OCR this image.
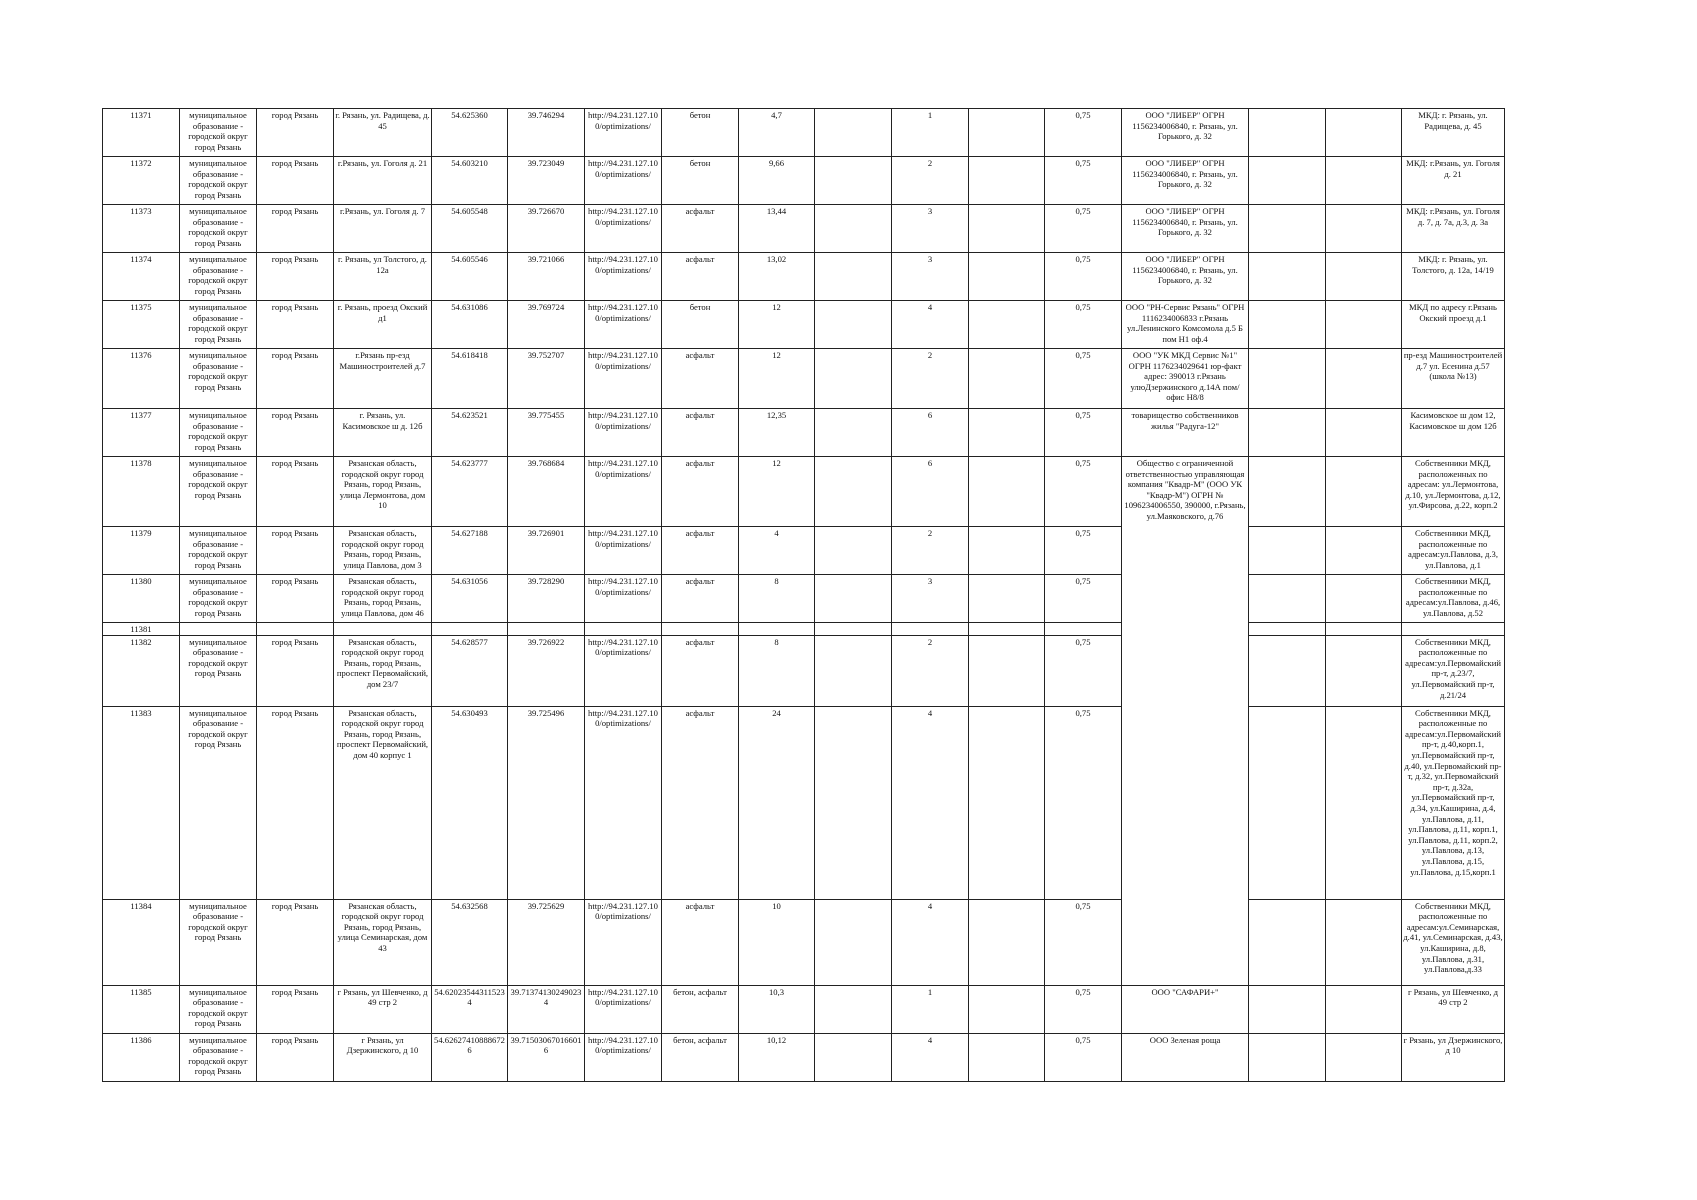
11371	муниципальное образование - городской округ город Рязань	город Рязань	г. Рязань, ул. Радищева, д. 45	54.625360	39.746294	http://94.231.127.100/optimizations/	бетон	4,7		1		0,75	ООО "ЛИБЕР" ОГРН 1156234006840, г. Рязань, ул. Горького, д. 32			МКД: г. Рязань, ул. Радищева, д. 45
11372	муниципальное образование - городской округ город Рязань	город Рязань	г.Рязань, ул. Гоголя д. 21	54.603210	39.723049	http://94.231.127.100/optimizations/	бетон	9,66		2		0,75	ООО "ЛИБЕР" ОГРН 1156234006840, г. Рязань, ул. Горького, д. 32			МКД: г.Рязань, ул. Гоголя д. 21
11373	муниципальное образование - городской округ город Рязань	город Рязань	г.Рязань, ул. Гоголя д. 7	54.605548	39.726670	http://94.231.127.100/optimizations/	асфальт	13,44		3		0,75	ООО "ЛИБЕР" ОГРН 1156234006840, г. Рязань, ул. Горького, д. 32			МКД: г.Рязань, ул. Гоголя д. 7, д. 7а, д.3, д. 3а
11374	муниципальное образование - городской округ город Рязань	город Рязань	г. Рязань, ул Толстого, д. 12а	54.605546	39.721066	http://94.231.127.100/optimizations/	асфальт	13,02		3		0,75	ООО "ЛИБЕР" ОГРН 1156234006840, г. Рязань, ул. Горького, д. 32			МКД: г. Рязань, ул. Толстого, д. 12а, 14/19
11375	муниципальное образование - городской округ город Рязань	город Рязань	г. Рязань, проезд Окский д1	54.631086	39.769724	http://94.231.127.100/optimizations/	бетон	12		4		0,75	ООО "РН-Сервис Рязань" ОГРН 1116234006833 г.Рязань ул.Ленинского Комсомола д.5 Б пом Н1 оф.4			МКД по адресу г.Рязань Окский проезд д.1
11376	муниципальное образование - городской округ город Рязань	город Рязань	г.Рязань пр-езд Машиностроителей д.7	54.618418	39.752707	http://94.231.127.100/optimizations/	асфальт	12		2		0,75	ООО "УК МКД Сервис №1" ОГРН 1176234029641 юр-факт адрес: 390013 г.Рязань улюДзержинского д.14А пом/офис Н8/8			пр-езд Машиностроителей д.7 ул. Есенина д.57 (школа №13)
11377	муниципальное образование - городской округ город Рязань	город Рязань	г. Рязань, ул. Касимовское ш д. 12б	54.623521	39.775455	http://94.231.127.100/optimizations/	асфальт	12,35		6		0,75	товарищество собственников жилья "Радуга-12"			Касимовское ш дом 12, Касимовское ш дом 12б
11378	муниципальное образование - городской округ город Рязань	город Рязань	Рязанская область, городской округ город Рязань, город Рязань, улица Лермонтова, дом 10	54.623777	39.768684	http://94.231.127.100/optimizations/	асфальт	12		6		0,75	Общество с ограниченной ответственностью управляющая компания "Квадр-М" (ООО УК "Квадр-М") ОГРН № 1096234006550, 390000, г.Рязань, ул.Маяковского, д.76			Собственники МКД, расположенных по адресам: ул.Лермонтова, д.10, ул.Лермонтова, д.12, ул.Фирсова, д.22, корп.2
11379	муниципальное образование - городской округ город Рязань	город Рязань	Рязанская область, городской округ город Рязань, город Рязань, улица Павлова, дом 3	54.627188	39.726901	http://94.231.127.100/optimizations/	асфальт	4		2		0,75				Собственники МКД, расположенные по адресам:ул.Павлова, д.3, ул.Павлова, д.1
11380	муниципальное образование - городской округ город Рязань	город Рязань	Рязанская область, городской округ город Рязань, город Рязань, улица Павлова, дом 46	54.631056	39.728290	http://94.231.127.100/optimizations/	асфальт	8		3		0,75				Собственники МКД, расположенные по адресам:ул.Павлова, д.46, ул.Павлова, д.52
11381																
11382	муниципальное образование - городской округ город Рязань	город Рязань	Рязанская область, городской округ город Рязань, город Рязань, проспект Первомайский, дом 23/7	54.628577	39.726922	http://94.231.127.100/optimizations/	асфальт	8		2		0,75				Собственники МКД, расположенные по адресам:ул.Первомайский пр-т, д.23/7, ул.Первомайский пр-т, д.21/24
11383	муниципальное образование - городской округ город Рязань	город Рязань	Рязанская область, городской округ город Рязань, город Рязань, проспект Первомайский, дом 40 корпус 1	54.630493	39.725496	http://94.231.127.100/optimizations/	асфальт	24		4		0,75				Собственники МКД, расположенные по адресам:ул.Первомайский пр-т, д.40,корп.1, ул.Первомайский пр-т, д.40, ул.Первомайский пр-т, д.32, ул.Первомайский пр-т, д.32а, ул.Первомайский пр-т, д.34, ул.Каширина, д.4, ул.Павлова, д.11, ул.Павлова, д.11, корп.1, ул.Павлова, д.11, корп.2, ул.Павлова, д.13, ул.Павлова, д.15, ул.Павлова, д.15,корп.1
11384	муниципальное образование - городской округ город Рязань	город Рязань	Рязанская область, городской округ город Рязань, город Рязань, улица Семинарская, дом 43	54.632568	39.725629	http://94.231.127.100/optimizations/	асфальт	10		4		0,75				Собственники МКД, расположенные по адресам:ул.Семинарская, д.41, ул.Семинарская, д.43, ул.Каширина, д.8, ул.Павлова, д.31, ул.Павлова,д.33
11385	муниципальное образование - городской округ город Рязань	город Рязань	г Рязань, ул Шевченко, д 49 стр 2	54.620235443115234	39.713741302490234	http://94.231.127.100/optimizations/	бетон, асфальт	10,3		1		0,75	ООО "САФАРИ+"			г Рязань, ул Шевченко, д 49 стр 2
11386	муниципальное образование - городской округ город Рязань	город Рязань	г Рязань, ул Дзержинского, д 10	54.626274108886726	39.715030670166016	http://94.231.127.100/optimizations/	бетон, асфальт	10,12		4		0,75	ООО Зеленая роща			г Рязань, ул Дзержинского, д 10
